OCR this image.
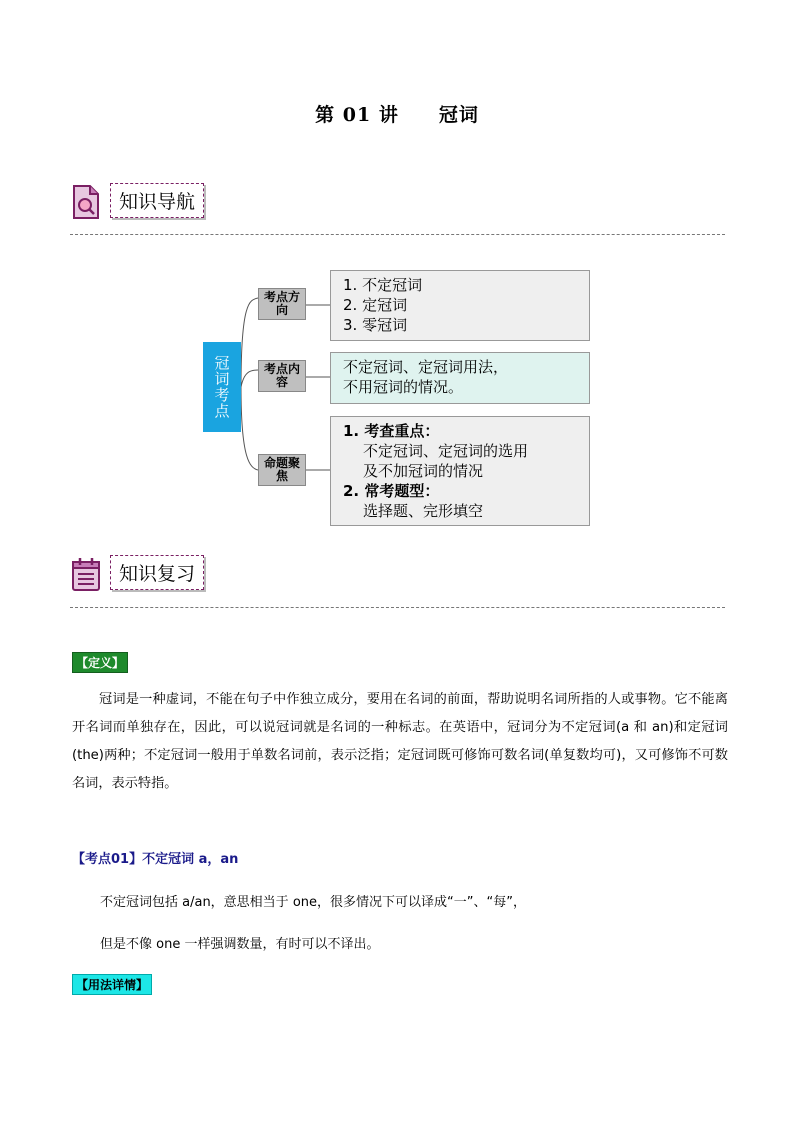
第 01 讲　　冠词
知识导航
冠词考点
考点方向
考点内容
命题聚焦
1. 不定冠词
2. 定冠词
3. 零冠词
不定冠词、定冠词用法，
不用冠词的情况。
1. 考查重点：
不定冠词、定冠词的选用
及不加冠词的情况
2. 常考题型：
选择题、完形填空
知识复习
【定义】
冠词是一种虚词，不能在句子中作独立成分，要用在名词的前面，帮助说明名词所指的人或事物。它不能离开名词而单独存在，因此，可以说冠词就是名词的一种标志。在英语中，冠词分为不定冠词(a 和 an)和定冠词(the)两种；不定冠词一般用于单数名词前，表示泛指；定冠词既可修饰可数名词(单复数均可)，又可修饰不可数名词，表示特指。
【考点01】不定冠词 a，an
不定冠词包括 a/an，意思相当于 one，很多情况下可以译成“一”、“每”，
但是不像 one 一样强调数量，有时可以不译出。
【用法详情】
